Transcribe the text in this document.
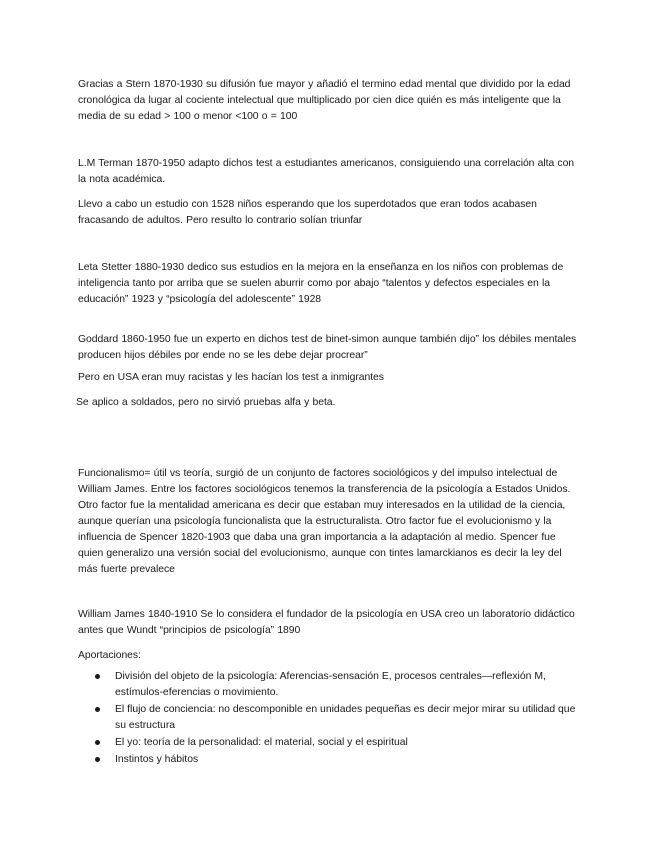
Gracias a Stern 1870-1930 su difusión fue mayor y añadió el termino edad mental que dividido por la edad cronológica da lugar al cociente intelectual que multiplicado por cien dice quién es más inteligente que la media de su edad > 100 o menor <100 o = 100

L.M Terman 1870-1950 adapto dichos test a estudiantes americanos, consiguiendo una correlación alta con la nota académica.

Llevo a cabo un estudio con 1528 niños esperando que los superdotados que eran todos acabasen fracasando de adultos. Pero resulto lo contrario solían triunfar

Leta Stetter 1880-1930 dedico sus estudios en la mejora en la enseñanza en los niños con problemas de inteligencia tanto por arriba que se suelen aburrir como por abajo “talentos y defectos especiales en la educación” 1923 y “psicología del adolescente” 1928

Goddard 1860-1950 fue un experto en dichos test de binet-simon aunque también dijo” los débiles mentales producen hijos débiles por ende no se les debe dejar procrear”

Pero en USA eran muy racistas y les hacían los test a inmigrantes

Se aplico a soldados, pero no sirvió pruebas alfa y beta.

Funcionalismo= útil vs teoría, surgió de un conjunto de factores sociológicos y del impulso intelectual de William James. Entre los factores sociológicos tenemos la transferencia de la psicología a Estados Unidos. Otro factor fue la mentalidad americana es decir que estaban muy interesados en la utilidad de la ciencia, aunque querían una psicología funcionalista que la estructuralista. Otro factor fue el evolucionismo y la influencia de Spencer 1820-1903 que daba una gran importancia a la adaptación al medio. Spencer fue quien generalizo una versión social del evolucionismo, aunque con tintes lamarckianos es decir la ley del más fuerte prevalece

William James 1840-1910 Se lo considera el fundador de la psicología en USA creo un laboratorio didáctico antes que Wundt “principios de psicología” 1890

Aportaciones:

División del objeto de la psicología: Aferencias-sensación E, procesos centrales—reflexión M, estímulos-eferencias o movimiento.
El flujo de conciencia: no descomponible en unidades pequeñas es decir mejor mirar su utilidad que su estructura
El yo: teoría de la personalidad: el material, social y el espiritual
Instintos y hábitos
